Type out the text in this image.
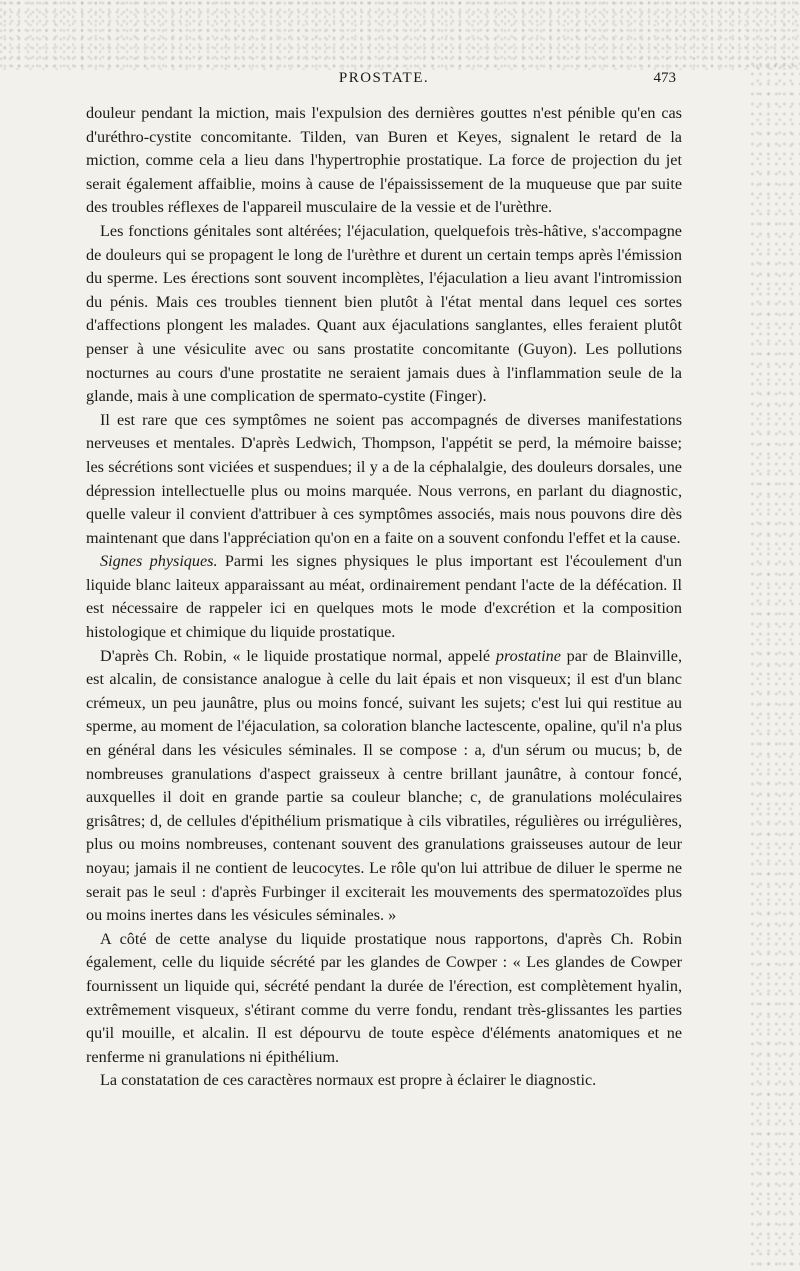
PROSTATE.	473

douleur pendant la miction, mais l'expulsion des dernières gouttes n'est pénible qu'en cas d'uréthro-cystite concomitante. Tilden, van Buren et Keyes, signalent le retard de la miction, comme cela a lieu dans l'hypertrophie prostatique. La force de projection du jet serait également affaiblie, moins à cause de l'épaississement de la muqueuse que par suite des troubles réflexes de l'appareil musculaire de la vessie et de l'urèthre.

Les fonctions génitales sont altérées; l'éjaculation, quelquefois très-hâtive, s'accompagne de douleurs qui se propagent le long de l'urèthre et durent un certain temps après l'émission du sperme. Les érections sont souvent incomplètes, l'éjaculation a lieu avant l'intromission du pénis. Mais ces troubles tiennent bien plutôt à l'état mental dans lequel ces sortes d'affections plongent les malades. Quant aux éjaculations sanglantes, elles feraient plutôt penser à une vésiculite avec ou sans prostatite concomitante (Guyon). Les pollutions nocturnes au cours d'une prostatite ne seraient jamais dues à l'inflammation seule de la glande, mais à une complication de spermato-cystite (Finger).

Il est rare que ces symptômes ne soient pas accompagnés de diverses manifestations nerveuses et mentales. D'après Ledwich, Thompson, l'appétit se perd, la mémoire baisse; les sécrétions sont viciées et suspendues; il y a de la céphalalgie, des douleurs dorsales, une dépression intellectuelle plus ou moins marquée. Nous verrons, en parlant du diagnostic, quelle valeur il convient d'attribuer à ces symptômes associés, mais nous pouvons dire dès maintenant que dans l'appréciation qu'on en a faite on a souvent confondu l'effet et la cause.

Signes physiques. Parmi les signes physiques le plus important est l'écoulement d'un liquide blanc laiteux apparaissant au méat, ordinairement pendant l'acte de la défécation. Il est nécessaire de rappeler ici en quelques mots le mode d'excrétion et la composition histologique et chimique du liquide prostatique.

D'après Ch. Robin, « le liquide prostatique normal, appelé prostatine par de Blainville, est alcalin, de consistance analogue à celle du lait épais et non visqueux; il est d'un blanc crémeux, un peu jaunâtre, plus ou moins foncé, suivant les sujets; c'est lui qui restitue au sperme, au moment de l'éjaculation, sa coloration blanche lactescente, opaline, qu'il n'a plus en général dans les vésicules séminales. Il se compose : a, d'un sérum ou mucus; b, de nombreuses granulations d'aspect graisseux à centre brillant jaunâtre, à contour foncé, auxquelles il doit en grande partie sa couleur blanche; c, de granulations moléculaires grisâtres; d, de cellules d'épithélium prismatique à cils vibratiles, régulières ou irrégulières, plus ou moins nombreuses, contenant souvent des granulations graisseuses autour de leur noyau; jamais il ne contient de leucocytes. Le rôle qu'on lui attribue de diluer le sperme ne serait pas le seul : d'après Furbinger il exciterait les mouvements des spermatozoïdes plus ou moins inertes dans les vésicules séminales. »

A côté de cette analyse du liquide prostatique nous rapportons, d'après Ch. Robin également, celle du liquide sécrété par les glandes de Cowper : « Les glandes de Cowper fournissent un liquide qui, sécrété pendant la durée de l'érection, est complètement hyalin, extrêmement visqueux, s'étirant comme du verre fondu, rendant très-glissantes les parties qu'il mouille, et alcalin. Il est dépourvu de toute espèce d'éléments anatomiques et ne renferme ni granulations ni épithélium.

La constatation de ces caractères normaux est propre à éclairer le diagnostic.
